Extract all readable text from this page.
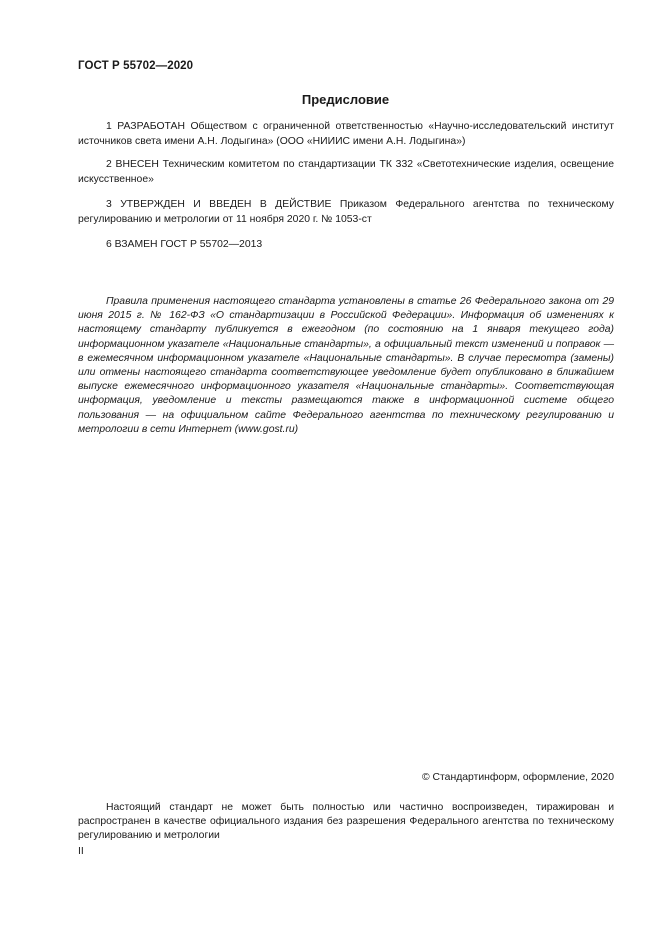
ГОСТ Р 55702—2020
Предисловие
1 РАЗРАБОТАН Обществом с ограниченной ответственностью «Научно-исследовательский институт источников света имени А.Н. Лодыгина» (ООО «НИИИС имени А.Н. Лодыгина»)
2 ВНЕСЕН Техническим комитетом по стандартизации ТК 332 «Светотехнические изделия, освещение искусственное»
3 УТВЕРЖДЕН И ВВЕДЕН В ДЕЙСТВИЕ Приказом Федерального агентства по техническому регулированию и метрологии от 11 ноября 2020 г. № 1053-ст
6 ВЗАМЕН ГОСТ Р 55702—2013
Правила применения настоящего стандарта установлены в статье 26 Федерального закона от 29 июня 2015 г. № 162-ФЗ «О стандартизации в Российской Федерации». Информация об изменениях к настоящему стандарту публикуется в ежегодном (по состоянию на 1 января текущего года) информационном указателе «Национальные стандарты», а официальный текст изменений и поправок — в ежемесячном информационном указателе «Национальные стандарты». В случае пересмотра (замены) или отмены настоящего стандарта соответствующее уведомление будет опубликовано в ближайшем выпуске ежемесячного информационного указателя «Национальные стандарты». Соответствующая информация, уведомление и тексты размещаются также в информационной системе общего пользования — на официальном сайте Федерального агентства по техническому регулированию и метрологии в сети Интернет (www.gost.ru)
© Стандартинформ, оформление, 2020
Настоящий стандарт не может быть полностью или частично воспроизведен, тиражирован и распространен в качестве официального издания без разрешения Федерального агентства по техническому регулированию и метрологии
II
